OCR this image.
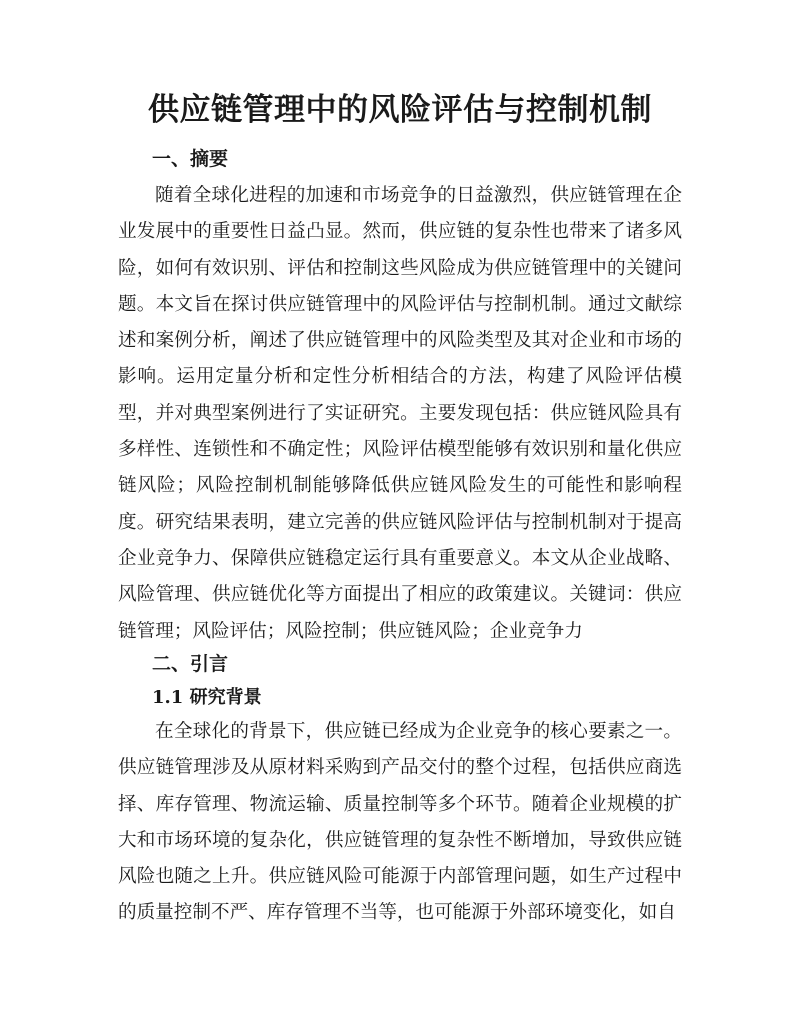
供应链管理中的风险评估与控制机制
一、摘要

随着全球化进程的加速和市场竞争的日益激烈，供应链管理在企业发展中的重要性日益凸显。然而，供应链的复杂性也带来了诸多风险，如何有效识别、评估和控制这些风险成为供应链管理中的关键问题。本文旨在探讨供应链管理中的风险评估与控制机制。通过文献综述和案例分析，阐述了供应链管理中的风险类型及其对企业和市场的影响。运用定量分析和定性分析相结合的方法，构建了风险评估模型，并对典型案例进行了实证研究。主要发现包括：供应链风险具有多样性、连锁性和不确定性；风险评估模型能够有效识别和量化供应链风险；风险控制机制能够降低供应链风险发生的可能性和影响程度。研究结果表明，建立完善的供应链风险评估与控制机制对于提高企业竞争力、保障供应链稳定运行具有重要意义。本文从企业战略、风险管理、供应链优化等方面提出了相应的政策建议。关键词：供应链管理；风险评估；风险控制；供应链风险；企业竞争力

二、引言
1.1 研究背景

在全球化的背景下，供应链已经成为企业竞争的核心要素之一。供应链管理涉及从原材料采购到产品交付的整个过程，包括供应商选择、库存管理、物流运输、质量控制等多个环节。随着企业规模的扩大和市场环境的复杂化，供应链管理的复杂性不断增加，导致供应链风险也随之上升。供应链风险可能源于内部管理问题，如生产过程中的质量控制不严、库存管理不当等，也可能源于外部环境变化，如自
